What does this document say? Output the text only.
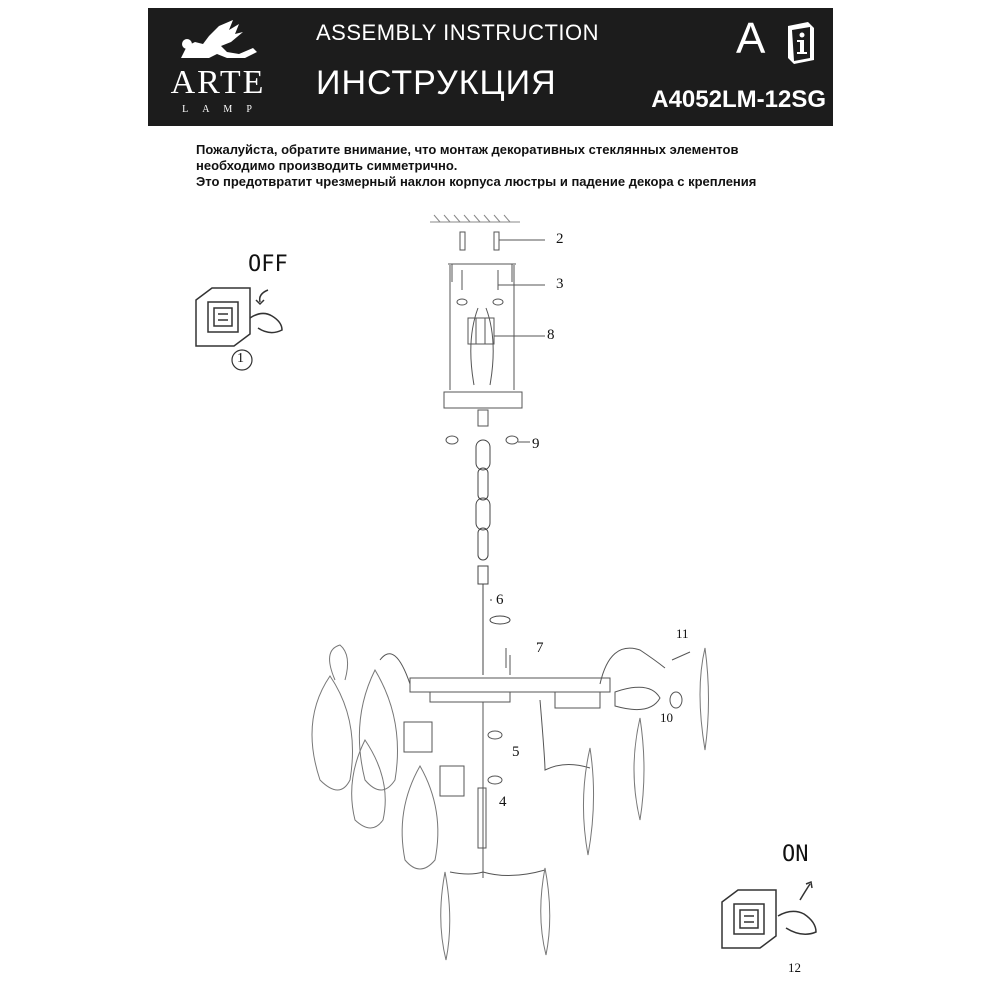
ARTE
LAMP
ASSEMBLY INSTRUCTION
ИНСТРУКЦИЯ
A
A4052LM-12SG
Пожалуйста, обратите внимание, что монтаж декоративных стеклянных элементов
необходимо производить симметрично.
Это предотвратит чрезмерный наклон корпуса люстры и падение декора с крепления
OFF
1
ON
12
2
3
8
9
6
7
11
10
5
4
